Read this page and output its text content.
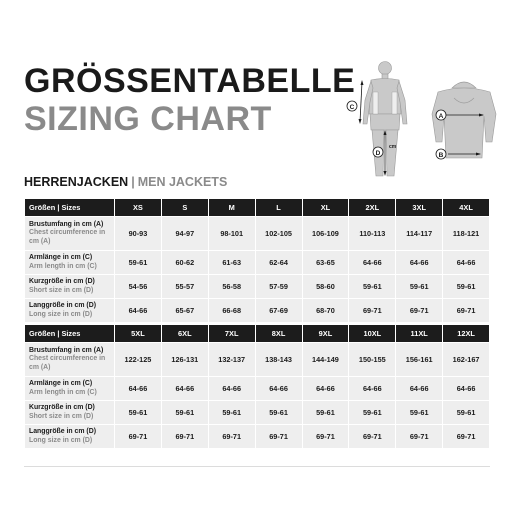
GRÖSSENTABELLE
SIZING CHART	C
D
cm
A
B
HERRENJACKEN | MEN JACKETS
Größen | Sizes	XS	S	M	L	XL	2XL	3XL	4XL

Brustumfang in cm (A)
Chest circumference in cm (A)	90-93	94-97	98-101	102-105	106-109	110-113	114-117	118-121

Armlänge in cm (C)
Arm length in cm (C)	59-61	60-62	61-63	62-64	63-65	64-66	64-66	64-66

Kurzgröße in cm (D)
Short size in cm (D)	54-56	55-57	56-58	57-59	58-60	59-61	59-61	59-61

Langgröße in cm (D)
Long size in cm (D)	64-66	65-67	66-68	67-69	68-70	69-71	69-71	69-71
Größen | Sizes	5XL	6XL	7XL	8XL	9XL	10XL	11XL	12XL

Brustumfang in cm (A)
Chest circumference in cm (A)	122-125	126-131	132-137	138-143	144-149	150-155	156-161	162-167

Armlänge in cm (C)
Arm length in cm (C)	64-66	64-66	64-66	64-66	64-66	64-66	64-66	64-66

Kurzgröße in cm (D)
Short size in cm (D)	59-61	59-61	59-61	59-61	59-61	59-61	59-61	59-61

Langgröße in cm (D)
Long size in cm (D)	69-71	69-71	69-71	69-71	69-71	69-71	69-71	69-71
